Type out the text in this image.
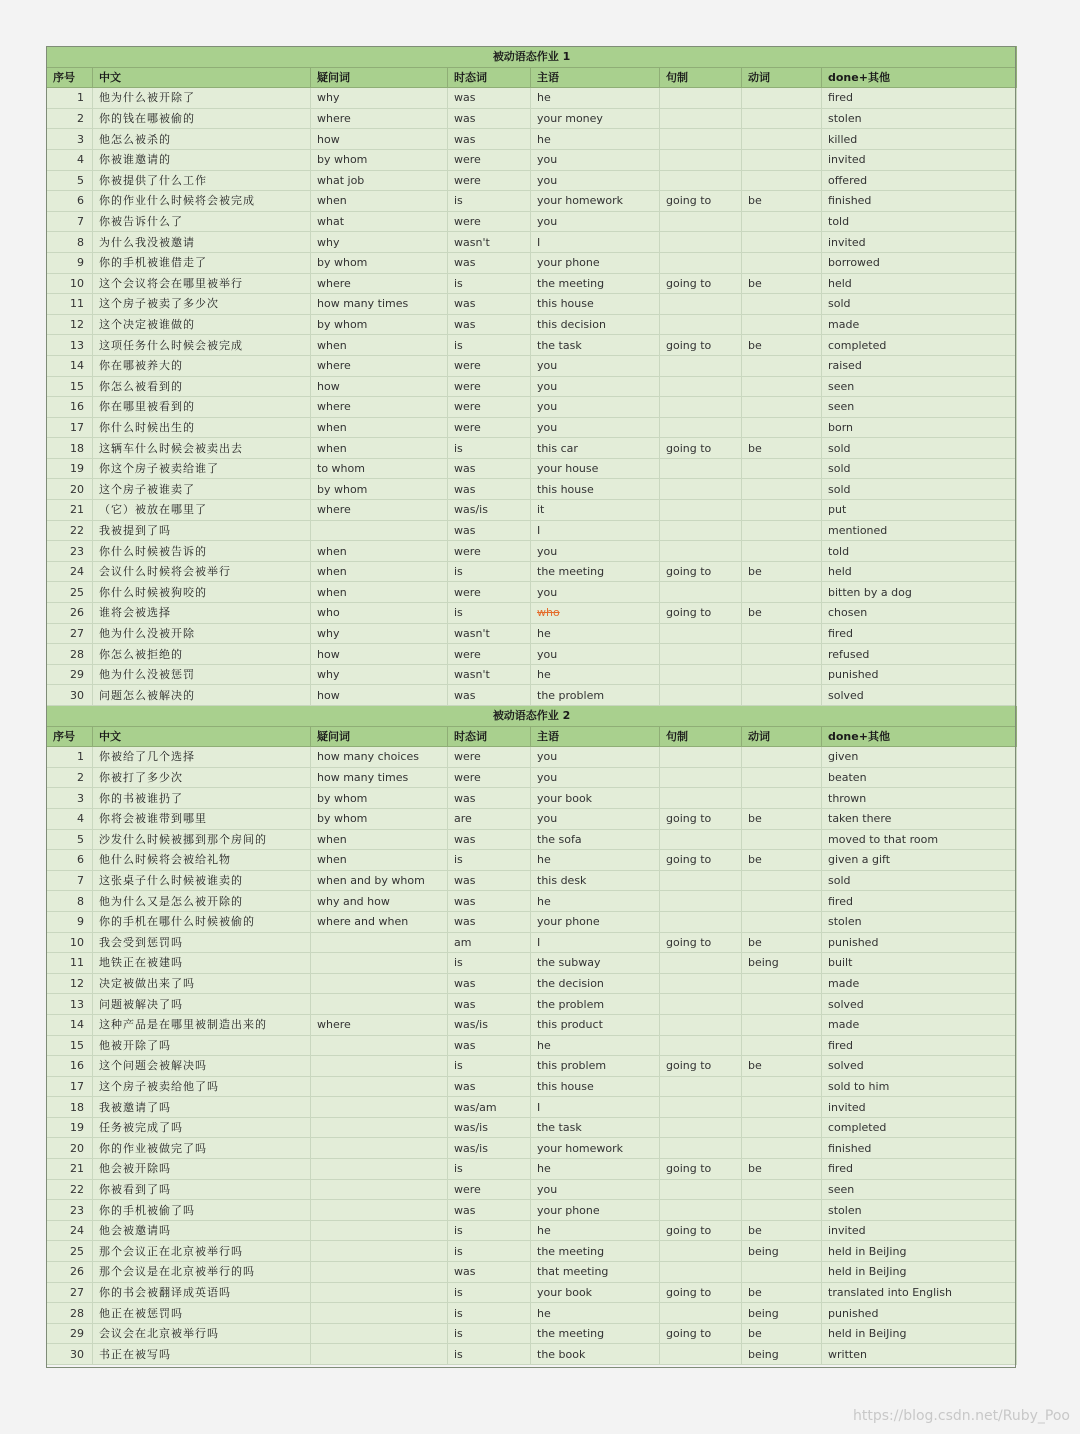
被动语态作业 1							
序号	中文	疑问词	时态词	主语	句制	动词	done+其他
1	他为什么被开除了	why	was	he			fired
2	你的钱在哪被偷的	where	was	your money			stolen
3	他怎么被杀的	how	was	he			killed
4	你被谁邀请的	by whom	were	you			invited
5	你被提供了什么工作	what job	were	you			offered
6	你的作业什么时候将会被完成	when	is	your homework	going to	be	finished
7	你被告诉什么了	what	were	you			told
8	为什么我没被邀请	why	wasn't	I			invited
9	你的手机被谁借走了	by whom	was	your phone			borrowed
10	这个会议将会在哪里被举行	where	is	the meeting	going to	be	held
11	这个房子被卖了多少次	how many times	was	this house			sold
12	这个决定被谁做的	by whom	was	this decision			made
13	这项任务什么时候会被完成	when	is	the task	going to	be	completed
14	你在哪被养大的	where	were	you			raised
15	你怎么被看到的	how	were	you			seen
16	你在哪里被看到的	where	were	you			seen
17	你什么时候出生的	when	were	you			born
18	这辆车什么时候会被卖出去	when	is	this car	going to	be	sold
19	你这个房子被卖给谁了	to whom	was	your house			sold
20	这个房子被谁卖了	by whom	was	this house			sold
21	（它）被放在哪里了	where	was/is	it			put
22	我被提到了吗		was	I			mentioned
23	你什么时候被告诉的	when	were	you			told
24	会议什么时候将会被举行	when	is	the meeting	going to	be	held
25	你什么时候被狗咬的	when	were	you			bitten by a dog
26	谁将会被选择	who	is	who	going to	be	chosen
27	他为什么没被开除	why	wasn't	he			fired
28	你怎么被拒绝的	how	were	you			refused
29	他为什么没被惩罚	why	wasn't	he			punished
30	问题怎么被解决的	how	was	the problem			solved
被动语态作业 2							
序号	中文	疑问词	时态词	主语	句制	动词	done+其他
1	你被给了几个选择	how many choices	were	you			given
2	你被打了多少次	how many times	were	you			beaten
3	你的书被谁扔了	by whom	was	your book			thrown
4	你将会被谁带到哪里	by whom	are	you	going to	be	taken there
5	沙发什么时候被挪到那个房间的	when	was	the sofa			moved to that room
6	他什么时候将会被给礼物	when	is	he	going to	be	given a gift
7	这张桌子什么时候被谁卖的	when and by whom	was	this desk			sold
8	他为什么又是怎么被开除的	why and how	was	he			fired
9	你的手机在哪什么时候被偷的	where and when	was	your phone			stolen
10	我会受到惩罚吗		am	I	going to	be	punished
11	地铁正在被建吗		is	the subway		being	built
12	决定被做出来了吗		was	the decision			made
13	问题被解决了吗		was	the problem			solved
14	这种产品是在哪里被制造出来的	where	was/is	this product			made
15	他被开除了吗		was	he			fired
16	这个问题会被解决吗		is	this problem	going to	be	solved
17	这个房子被卖给他了吗		was	this house			sold to him
18	我被邀请了吗		was/am	I			invited
19	任务被完成了吗		was/is	the task			completed
20	你的作业被做完了吗		was/is	your homework			finished
21	他会被开除吗		is	he	going to	be	fired
22	你被看到了吗		were	you			seen
23	你的手机被偷了吗		was	your phone			stolen
24	他会被邀请吗		is	he	going to	be	invited
25	那个会议正在北京被举行吗		is	the meeting		being	held in BeiJing
26	那个会议是在北京被举行的吗		was	that meeting			held in BeiJing
27	你的书会被翻译成英语吗		is	your book	going to	be	translated into English
28	他正在被惩罚吗		is	he		being	punished
29	会议会在北京被举行吗		is	the meeting	going to	be	held in BeiJing
30	书正在被写吗		is	the book		being	written
https://blog.csdn.net/Ruby_Poo
